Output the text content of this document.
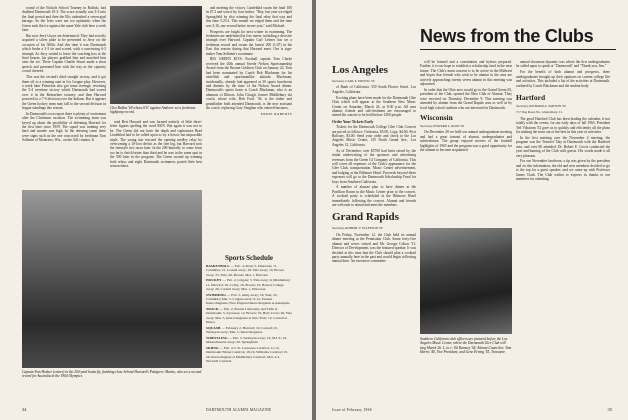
round of the Nichols School Tourney in Buffalo, had drubbed Dartmouth 10-3. The score actually was 3-3 into the final period and then the Elis unleashed a seven-goal barrage. So the Ivies were not too optimistic when the Green took the ice against the same Yale club here a week later.

But now Jerry's boys are determined. They had secretly acquired a silver plate to be presented to Jerry on the occasion of his 300th. And this time it was Dartmouth which broke a 3-3 tie and scored, with a convincing 6-3 triumph. As Jerry waited to leave the coaching box at the final buzzer, his players grabbed him and marched him onto the ice. There Captain Charlie Stuart made a short speech and presented him with the tray as the capacity crowd cheered.

This was the second's third straight victory, and it got them off to a winning start in Ivy League play. However, a week later Princeton also got some revenge, reversing the 5-4 overtime victory which Dartmouth had scored over it in the Rensselaer tourney, and then Harvard powered to a 7-0 decision over the Indians. But it appears the Green hockey team may fall to the second division in league standings this season.

In Dartmouth's own report there is plenty of excitement after the Christmas vacation. The swimming team was keyed up about the possibility of defeating Harvard for the first time since 1959. The squad was training very hard and morale was high. In the dressing room there were signs such as the one concocted by freshman Tom Solheim of Montreux, Wis., on the Gill counter. It

Chet Ballou '69 whose 6'6" against Andover set a freshman highjump record.

and meeting the victory. Lindeblad swam the final 100 in 47.2 and won it by four inches. "Boy, last year we edged Springfield by also winning the final relay that way and this time 3:23.3. This month we edged them and the time was 3:16, one second better in one year," said Michael.

Prospects are bright for next winter in swimming. The freshmen are undefeated in five meets, including a decisive triumph over Harvard. Captain Carl Leitner has set a freshman record and swum the fastest 200 (1:47) in the East this season during that Harvard meet. Our is sign-maker Tom Solheim's roommate.

BIG GREEN KITS: Football captain Tom Clarke received the 20th annual Swede Nelson Sportsmanship Award from the Boston Gridiron Club on January 22. Tom had been nominated by Coach Bob Blackman for his unselfish and sportsmanlike attitude. Blackman, incidentally, already had appeared at 30 sports luncheons and dinners by the time of the Nelson Award dinner. Dartmouth's sports brain is Coach Blackman, who is an alumnus of Illinois. John Clough, former Middlebury ski coach, whose wife, Bob Ford, '36, is the father and grandfather both attended Dartmouth, is the new assistant ski coach, replacing Gary Vaughan who entered business.

ERNIE ROBERTS

read Bert Harvard and was formed entirely of little three-letter figures spelling the word RUN. But again it was not to be. The Green did not have the depth and sophomore Brad Lindeblad had to be called upon to try a heroic but impossible triple. The young star rescued the opening medley relay by overcoming a 10-foot deficit as the free leg, but Harvard won the freestyle two races later. In the 200 butterfly to come from too far to finish better than third and he was in the same spot in the 500 later in the program. The Green wound up winning both relays and eight Dartmouth swimmers posted their best season times.

Captain Tom Hosher (center) in the 200-yard butterfly, finishing close behind Harvard's Pettigrew. Martin, who set a second record for Australia in the 1964 Olympics.
Sports Schedule
BASKETBALL — Feb. 4, Penn; 5, Princeton; 11, Columbia; 12, Cornell away; 18, Yale away; 19, Brown away; 25, Yale; 26, Brown; Mar. 1, Harvard.
HOCKEY — Feb. 2, Colgate; 5, Yale away; 9, Middlebury; 11, Harvard; 16, Colby; 19, Brown; 23, Boston College away; 26, Cornell away; Mar. 1, Princeton.
SWIMMING — Feb. 5, Army away; 18, Yale; 25, Columbia; Mar. 5, Colgate away; 9-12, Eastern Intercollegiates; New England Intercollegiates at Annapolis.
TRACK — Feb. 2, Boston University and Tufts at Dartmouth; 5, Syracuse; 12, Brown; 19, Holy Cross; 26, Yale away; Mar. 5, Intercollegiates at New York; 12, Cornell at Ithaca.
SQUASH — February 2, Harvard; 19, Cornell; 25, Wesleyan away; Mar. 5, Intercollegiates.
WRESTLING — Feb. 5, Wesleyan away; 19, M.I.T.; 25, Massachusetts away; 26, Springfield.
SKIING — Feb. 4-5, St. Lawrence Carnival; 11-12, Dartmouth Winter Carnival; 18-19, Williams Carnival; 25-26, Intercollegiate at Middlebury Carnival; Mar. 4-5, Norwich Carnival.
34	DARTMOUTH ALUMNI MAGAZINE
News from the Clubs
Los Angeles
Secretary, CARL E. ERVING '56

of Bank of California, 550 South Flower Street, Los Angeles, California.

Exciting plans have been made for the Dartmouth Glee Club which will appear at the Southern New Music Center on Saturday, March 26, at 8:30 p.m. All area alumni, friends and sub-freshmen are encouraged to attend the concert to be held before 1200 people.

Order Your Tickets Early

Tickets for the Dartmouth College Glee Club Concert are priced as follows: Orchestra, $5.00; Loge, $4.00; First Balcony, $3.00. Send your order and check to the Los Angeles Music Center, 135 North Grand Ave., Los Angeles 12, California.

As of December, over $5700 had been raised by the initial underwriting of the sponsors and advertising revenues from the Green Gl Company of California. This will cover all expenses of the Club's appearance for the Glee Club, transportation, Music Center advertisement, and lodging at the Biltmore Hotel. Proceeds beyond these expenses will go to the Dartmouth Scholarship Fund for boys from Southern California.

A number of alumni plan to have dinner at the Pavillion Room in the Music Center prior to the concert. A cocktail party is scheduled at the Biltmore Hotel immediately following the concert. Alumni and friends are welcome to attend and meet the members.

Grand Rapids
Secretary, ROBERT V. ELLEFSON '59

On Friday, November 12, the Club held its annual dinner meeting at the Peninsular Club. Some forty-five alumni and wives visited and Mr. George Colton '31, Director of Development, was the featured speaker. It was decided at this time that the Club should plan a cocktail party annually here in the past and would begin collecting annual dues. An executive committee

will be formed and a constitution and bylaws prepared. Further, it is our hope to establish a scholarship fund in the near future. The Club's main concern is to be active in the Midwest and hopes that friends who wish to be alumni in the area are actively approaching twenty seven alumni in this meeting was adjourned.

In order that the Ohio area would go to the Grand Green 65, president of the Club, opened the Ohio Club of Alumni. They were received on Thursday, December 9. This meeting was attended by alumni from the Grand Rapids area as well as by local high school students who are interested in Dartmouth.

Wisconsin
Secretary, EDWARD L. ROSS '56

On December 28 we held our annual undergraduate meeting and had a great turnout of alumni, undergraduates and subfreshmen. The group enjoyed movies of the football highlights of 1965 and the program was a good opportunity for the alumni to become acquainted.

Southern California club officers are pictured before the Los Angeles Music Center, where the Dartmouth Glee Club will sing March 26. L. to r.: Ed Ramsey '54, Alumni Councilor; Tom Harris '46, Vice President; and Gene Erving '55, Treasurer.

annual showman dynamic was where the first undergraduates he called upon to speak or "Dartmouth" and "Thank you, Jim."

For the benefit of both alumni and prospects, three undergraduates brought up their opinions on current college life and activities. This included a list of the activities at Dartmouth, outlined by Coach Blackman and the student body.

Hartford
Secretary, RICHARD A. WATSON '59
717 Dog Road, No. Glastonbury, Ct.

The good Hartford Club has been leading the calendar, if not totally with the events, for our early days of fall 1965. President Ted Vikstrom '52 gave us to quickly and efficiently all the plans for making the most out of the best in this year of activities.

In the first meeting over the November 4 meeting, the program was the Trustees' Day at Dartmouth with the Hartford area, and over 60 attended. Dr. Robert E. Lewis conducted the year and hunting of the Club with guests. His words made it all very pleasant.

For our November luncheon, a tip was given by the president and on this information, the old and new members decided to go to the top for a guest speaker, and we came up with Professor James Clark. The Club wishes to express its thanks to our members for attending.

Issue of February 1966	35
